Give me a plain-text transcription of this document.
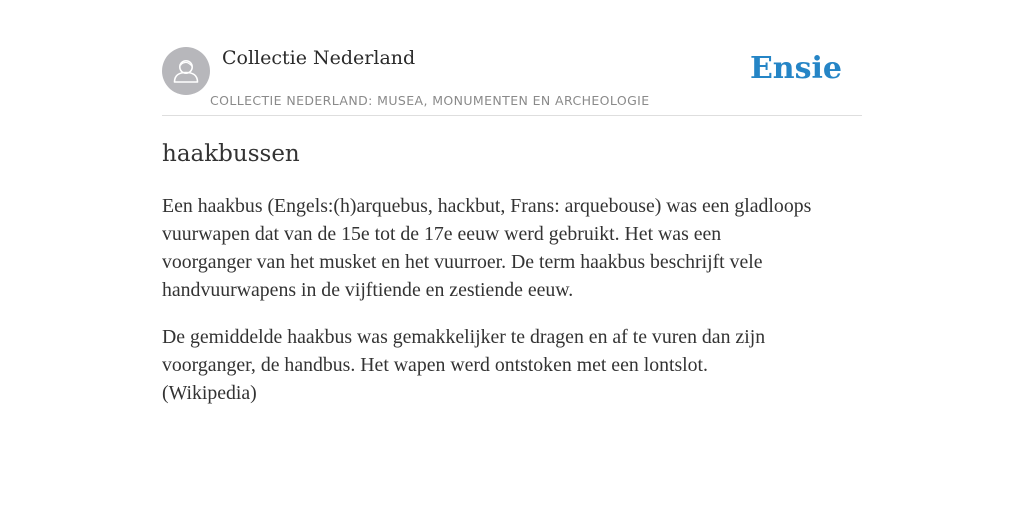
Collectie Nederland
COLLECTIE NEDERLAND: MUSEA, MONUMENTEN EN ARCHEOLOGIE
Ensie
haakbussen

Een haakbus (Engels:(h)arquebus, hackbut, Frans: arquebouse) was een gladloops
vuurwapen dat van de 15e tot de 17e eeuw werd gebruikt. Het was een
voorganger van het musket en het vuurroer. De term haakbus beschrijft vele
handvuurwapens in de vijftiende en zestiende eeuw.

De gemiddelde haakbus was gemakkelijker te dragen en af te vuren dan zijn
voorganger, de handbus. Het wapen werd ontstoken met een lontslot.
(Wikipedia)
